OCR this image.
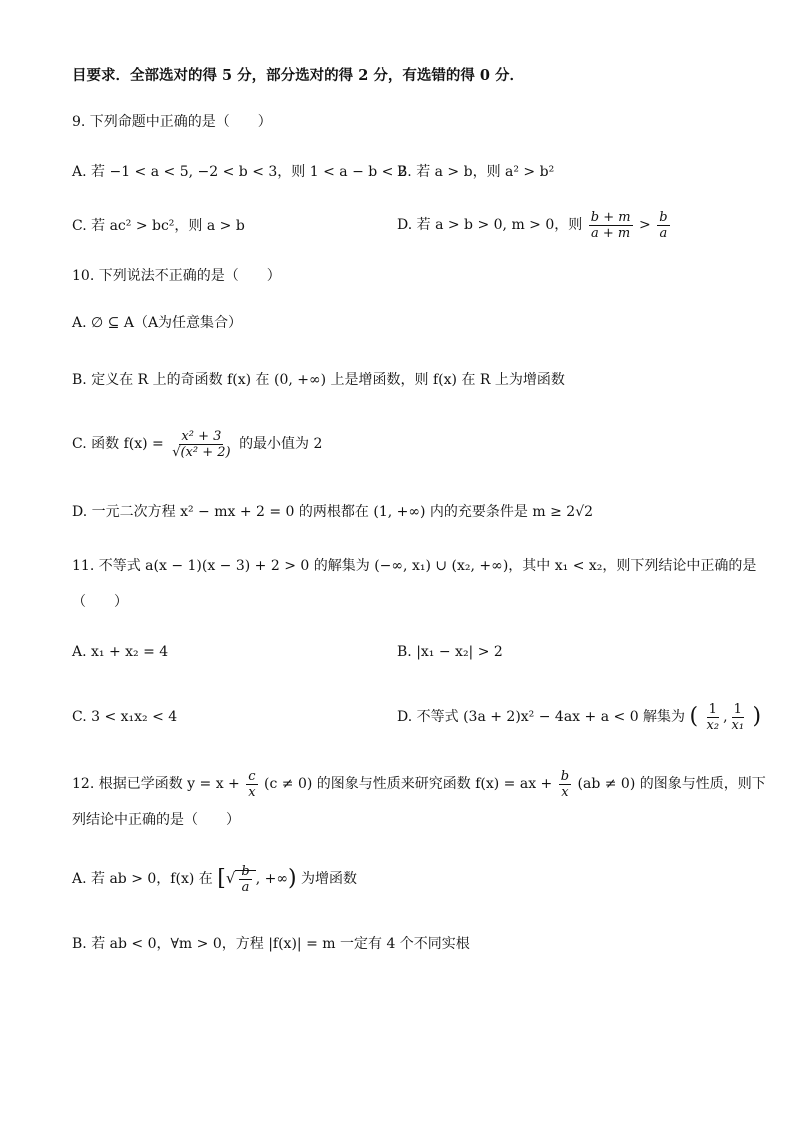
目要求．全部选对的得 5 分，部分选对的得 2 分，有选错的得 0 分．
9. 下列命题中正确的是（　　）
A. 若 −1 < a < 5, −2 < b < 3，则 1 < a − b < 2
B. 若 a > b，则 a² > b²
C. 若 ac² > bc²，则 a > b	D. 若 a > b > 0, m > 0，则 $\frac{b + m}{a + m} > \frac{b}{a}$
10. 下列说法不正确的是（　　）
A. ∅ ⊆ A（A为任意集合）
B. 定义在 R 上的奇函数 f(x) 在 (0, +∞) 上是增函数，则 f(x) 在 R 上为增函数
C. 函数 $f(x) = \frac{\text{x² + 3}}{\text{√(x² + 2)}}$ 的最小值为 2
D. 一元二次方程 x² − mx + 2 = 0 的两根都在 (1, +∞) 内的充要条件是 m ≥ 2√2
11. 不等式 a(x − 1)(x − 3) + 2 > 0 的解集为 (−∞, x₁) ∪ (x₂, +∞)，其中 x₁ < x₂，则下列结论中正确的是
（　　）
A. x₁ + x₂ = 4	B. |x₁ − x₂| > 2
C. 3 < x₁x₂ < 4	D. 不等式 (3a + 2)x² − 4ax + a < 0 解集为 ( $\frac{1}{\text{x₂}}$ , $\frac{1}{\text{x₁}}$ )
12. 根据已学函数 $y = x + \frac{c}{x} (c \ne 0)$ 的图象与性质来研究函数 f(x) = ax + $\frac{b}{x} (ab \ne 0)$ 的图象与性质，则下
列结论中正确的是（　　）
A. 若 ab > 0，f(x) 在 [√ $\frac{b}{a}$ , +∞) 为增函数
B. 若 ab < 0，∀m > 0，方程 |f(x)| = m 一定有 4 个不同实根
